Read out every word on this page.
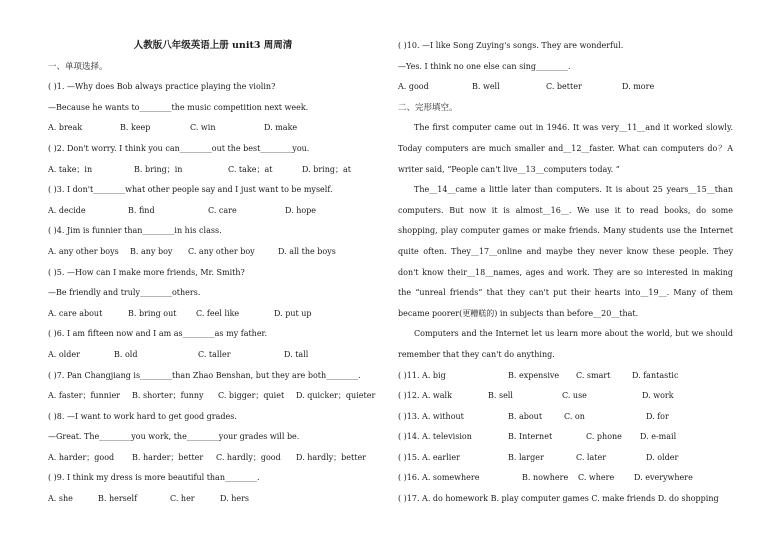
人教版八年级英语上册 unit3 周周清
一、单项选择。
( )1. —Why does Bob always practice playing the violin?
—Because he wants to________the music competition next week.
A. break	B. keep	C. win	D. make
( )2. Don't worry. I think you can________out the best________you.
A. take；in	B. bring；in	C. take；at	D. bring；at
( )3. I don't________what other people say and I just want to be myself.
A. decide	B. find	C. care	D. hope
( )4. Jim is funnier than________in his class.
A. any other boys B. any boy C. any other boy	D. all the boys
( )5. —How can I make more friends, Mr. Smith?
—Be friendly and truly________others.
A. care about	B. bring out C. feel like	D. put up
( )6. I am fifteen now and I am as________as my father.
A. older	B. old	C. taller	D. tall
( )7. Pan Changjiang is________than Zhao Benshan, but they are both________.
A. faster；funnier B. shorter；funny C. bigger；quiet D. quicker；quieter
( )8. —I want to work hard to get good grades.
—Great. The________you work, the________your grades will be.
A. harder；good B. harder；better C. hardly；good D. hardly；better
( )9. I think my dress is more beautiful than________.
A. she	B. herself	C. her	D. hers
( )10. —I like Song Zuying's songs. They are wonderful.
—Yes. I think no one else can sing________.
A. good	B. well	C. better	D. more
二、完形填空。

The first computer came out in 1946. It was very__11__and it worked slowly. Today computers are much smaller and__12__faster. What can computers do？A writer said, “People can't live__13__computers today. ”

The__14__came a little later than computers. It is about 25 years__15__than computers. But now it is almost__16__. We use it to read books, do some shopping, play computer games or make friends. Many students use the Internet quite often. They__17__online and maybe they never know these people. They don't know their__18__names, ages and work. They are so interested in making the “unreal friends” that they can't put their hearts into__19__. Many of them became poorer(更糟糕的) in subjects than before__20__that.

Computers and the Internet let us learn more about the world, but we should remember that they can't do anything.

( )11. A. big	B. expensive C. smart	D. fantastic
( )12. A. walk	B. sell	C. use	D. work
( )13. A. without	B. about	C. on	D. for
( )14. A. television	B. Internet	C. phone D. e-mail
( )15. A. earlier	B. larger	C. later	D. older
( )16. A. somewhere	B. nowhere C. where D. everywhere
( )17. A. do homework B. play computer games C. make friends D. do shopping
